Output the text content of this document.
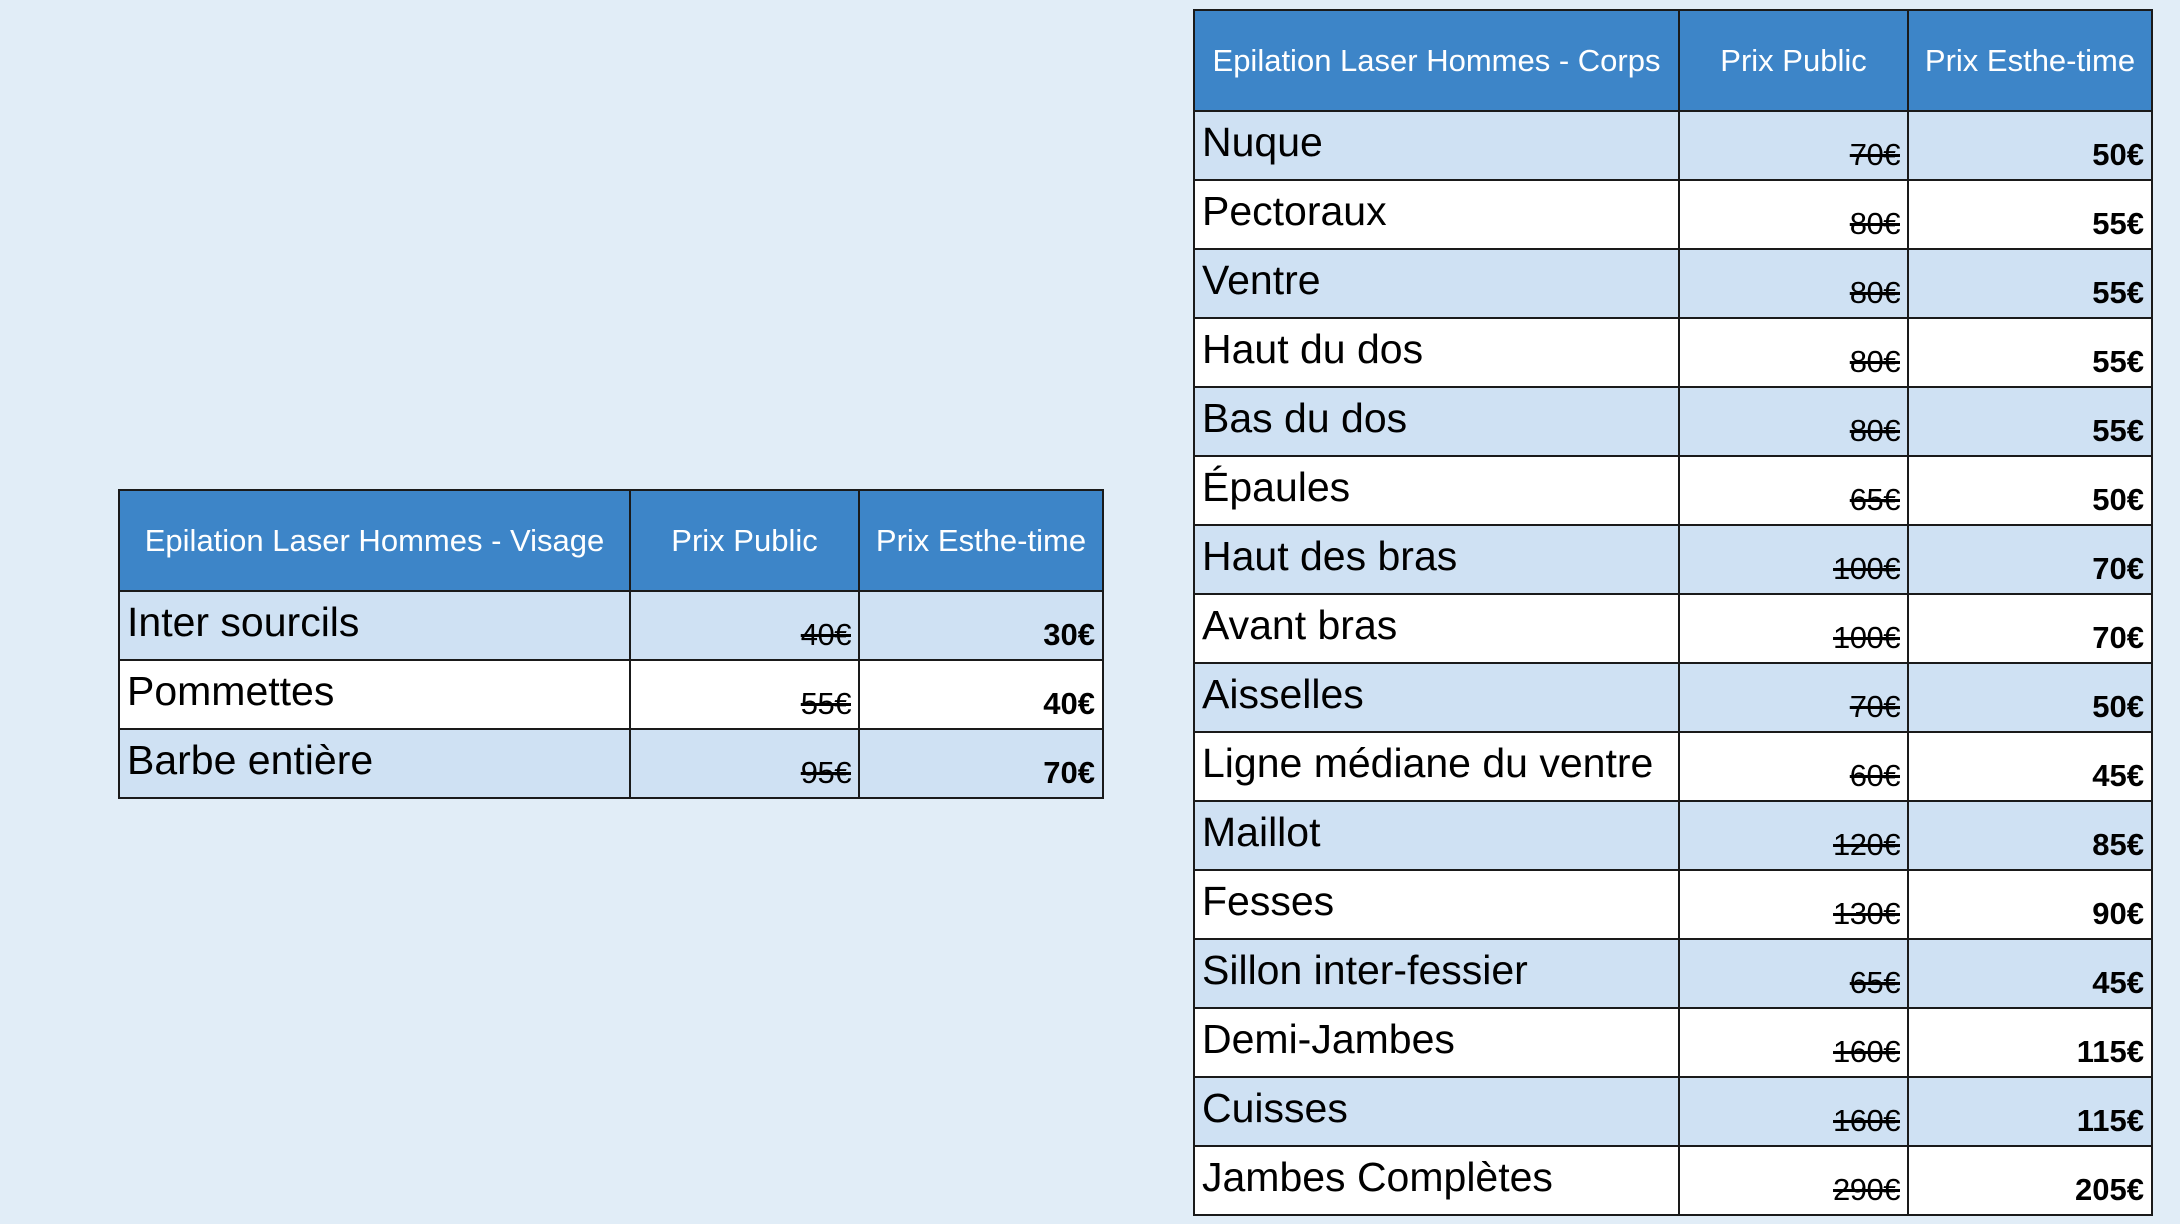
Epilation Laser Hommes - Visage	Prix Public	Prix Esthe-time
Inter sourcils	40€	30€
Pommettes	55€	40€
Barbe entière	95€	70€
Epilation Laser Hommes - Corps	Prix Public	Prix Esthe-time
Nuque	70€	50€
Pectoraux	80€	55€
Ventre	80€	55€
Haut du dos	80€	55€
Bas du dos	80€	55€
Épaules	65€	50€
Haut des bras	100€	70€
Avant bras	100€	70€
Aisselles	70€	50€
Ligne médiane du ventre	60€	45€
Maillot	120€	85€
Fesses	130€	90€
Sillon inter-fessier	65€	45€
Demi-Jambes	160€	115€
Cuisses	160€	115€
Jambes Complètes	290€	205€
